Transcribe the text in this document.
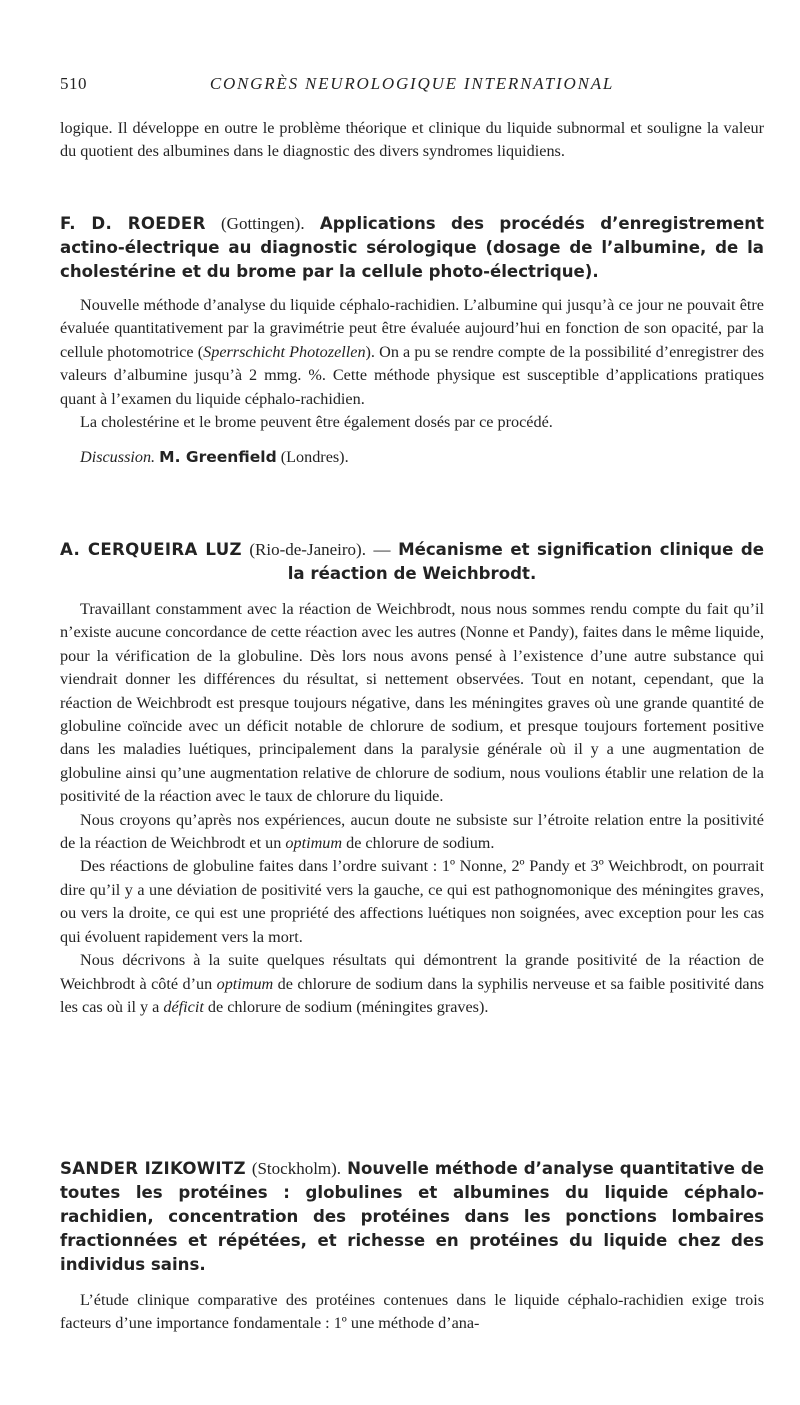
510	CONGRÈS NEUROLOGIQUE INTERNATIONAL

logique. Il développe en outre le problème théorique et clinique du liquide subnormal et souligne la valeur du quotient des albumines dans le diagnostic des divers syndromes liquidiens.

F. D. ROEDER (Gottingen). Applications des procédés d’enregistrement actino-électrique au diagnostic sérologique (dosage de l’albumine, de la cholestérine et du brome par la cellule photo-électrique).

Nouvelle méthode d’analyse du liquide céphalo-rachidien. L’albumine qui jusqu’à ce jour ne pouvait être évaluée quantitativement par la gravimétrie peut être évaluée aujourd’hui en fonction de son opacité, par la cellule photomotrice (Sperrschicht Photozellen). On a pu se rendre compte de la possibilité d’enregistrer des valeurs d’albumine jusqu’à 2 mmg. %. Cette méthode physique est susceptible d’applications pratiques quant à l’examen du liquide céphalo-rachidien.

La cholestérine et le brome peuvent être également dosés par ce procédé.

Discussion. M. Greenfield (Londres).

A. CERQUEIRA LUZ (Rio-de-Janeiro). — Mécanisme et signification clinique de la réaction de Weichbrodt.

Travaillant constamment avec la réaction de Weichbrodt, nous nous sommes rendu compte du fait qu’il n’existe aucune concordance de cette réaction avec les autres (Nonne et Pandy), faites dans le même liquide, pour la vérification de la globuline. Dès lors nous avons pensé à l’existence d’une autre substance qui viendrait donner les différences du résultat, si nettement observées. Tout en notant, cependant, que la réaction de Weichbrodt est presque toujours négative, dans les méningites graves où une grande quantité de globuline coïncide avec un déficit notable de chlorure de sodium, et presque toujours fortement positive dans les maladies luétiques, principalement dans la paralysie générale où il y a une augmentation de globuline ainsi qu’une augmentation relative de chlorure de sodium, nous voulions établir une relation de la positivité de la réaction avec le taux de chlorure du liquide.

Nous croyons qu’après nos expériences, aucun doute ne subsiste sur l’étroite relation entre la positivité de la réaction de Weichbrodt et un optimum de chlorure de sodium.

Des réactions de globuline faites dans l’ordre suivant : 1º Nonne, 2º Pandy et 3º Weichbrodt, on pourrait dire qu’il y a une déviation de positivité vers la gauche, ce qui est pathognomonique des méningites graves, ou vers la droite, ce qui est une propriété des affections luétiques non soignées, avec exception pour les cas qui évoluent rapidement vers la mort.

Nous décrivons à la suite quelques résultats qui démontrent la grande positivité de la réaction de Weichbrodt à côté d’un optimum de chlorure de sodium dans la syphilis nerveuse et sa faible positivité dans les cas où il y a déficit de chlorure de sodium (méningites graves).

SANDER IZIKOWITZ (Stockholm). Nouvelle méthode d’analyse quantitative de toutes les protéines : globulines et albumines du liquide céphalo-rachidien, concentration des protéines dans les ponctions lombaires fractionnées et répétées, et richesse en protéines du liquide chez des individus sains.

L’étude clinique comparative des protéines contenues dans le liquide céphalo-rachidien exige trois facteurs d’une importance fondamentale : 1º une méthode d’ana-
